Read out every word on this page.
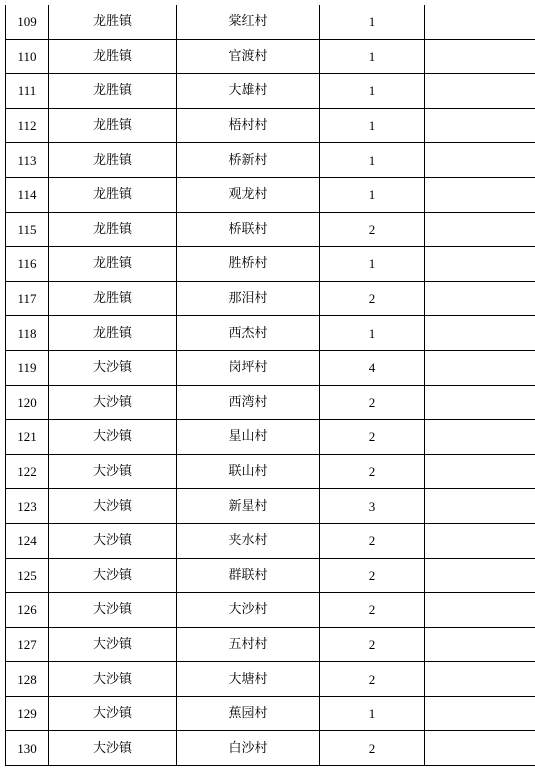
109	龙胜镇	棠红村	1	
110	龙胜镇	官渡村	1	
111	龙胜镇	大雄村	1	
112	龙胜镇	梧村村	1	
113	龙胜镇	桥新村	1	
114	龙胜镇	观龙村	1	
115	龙胜镇	桥联村	2	
116	龙胜镇	胜桥村	1	
117	龙胜镇	那泪村	2	
118	龙胜镇	西杰村	1	
119	大沙镇	岗坪村	4	
120	大沙镇	西湾村	2	
121	大沙镇	星山村	2	
122	大沙镇	联山村	2	
123	大沙镇	新星村	3	
124	大沙镇	夹水村	2	
125	大沙镇	群联村	2	
126	大沙镇	大沙村	2	
127	大沙镇	五村村	2	
128	大沙镇	大塘村	2	
129	大沙镇	蕉园村	1	
130	大沙镇	白沙村	2	
